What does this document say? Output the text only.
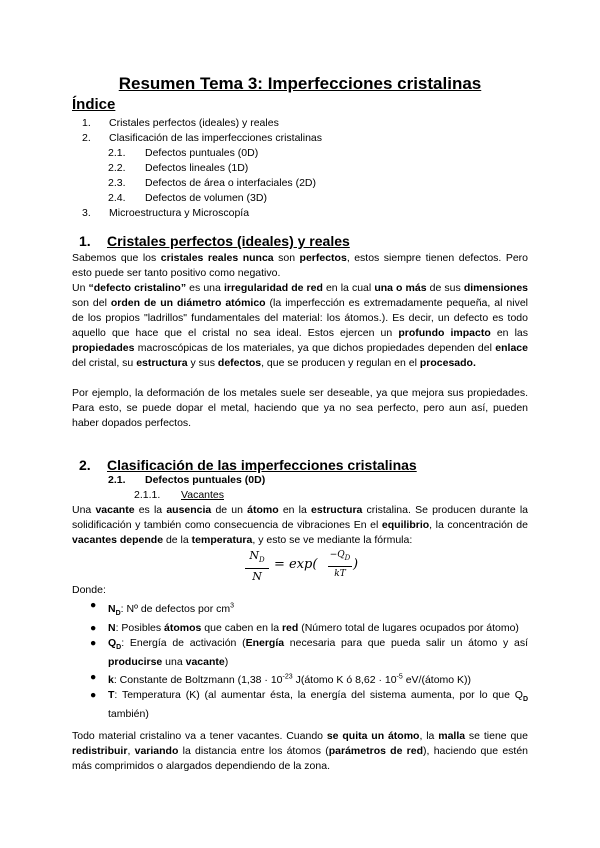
Resumen Tema 3: Imperfecciones cristalinas
Índice
1. Cristales perfectos (ideales) y reales
2. Clasificación de las imperfecciones cristalinas
2.1. Defectos puntuales (0D)
2.2. Defectos lineales (1D)
2.3. Defectos de área o interfaciales (2D)
2.4. Defectos de volumen (3D)
3. Microestructura y Microscopía
1. Cristales perfectos (ideales) y reales
Sabemos que los cristales reales nunca son perfectos, estos siempre tienen defectos. Pero esto puede ser tanto positivo como negativo.
Un “defecto cristalino” es una irregularidad de red en la cual una o más de sus dimensiones son del orden de un diámetro atómico (la imperfección es extremadamente pequeña, al nivel de los propios "ladrillos" fundamentales del material: los átomos.). Es decir, un defecto es todo aquello que hace que el cristal no sea ideal. Estos ejercen un profundo impacto en las propiedades macroscópicas de los materiales, ya que dichos propiedades dependen del enlace del cristal, su estructura y sus defectos, que se producen y regulan en el procesado.
Por ejemplo, la deformación de los metales suele ser deseable, ya que mejora sus propiedades. Para esto, se puede dopar el metal, haciendo que ya no sea perfecto, pero aun así, pueden haber dopados perfectos.
2. Clasificación de las imperfecciones cristalinas
2.1. Defectos puntuales (0D)
2.1.1. Vacantes
Una vacante es la ausencia de un átomo en la estructura cristalina. Se producen durante la solidificación y también como consecuencia de vibraciones En el equilibrio, la concentración de vacantes depende de la temperatura, y esto se ve mediante la fórmula:
$N_D$
N
= exp(
$-Q_D$
kT
)
Donde:
● $N_D$: Nº de defectos por $cm^3$
● N: Posibles átomos que caben en la red (Número total de lugares ocupados por átomo)
● $Q_D$: Energía de activación (Energía necesaria para que pueda salir un átomo y así producirse una vacante)
● k: Constante de Boltzmann ($1,38 \cdot 10^{-23}$ J(átomo K ó $8,62 \cdot 10^{-5}$ eV/(átomo K))
● T: Temperatura (K) (al aumentar ésta, la energía del sistema aumenta, por lo que $Q_D$ también)
Todo material cristalino va a tener vacantes. Cuando se quita un átomo, la malla se tiene que redistribuir, variando la distancia entre los átomos (parámetros de red), haciendo que estén más comprimidos o alargados dependiendo de la zona.
